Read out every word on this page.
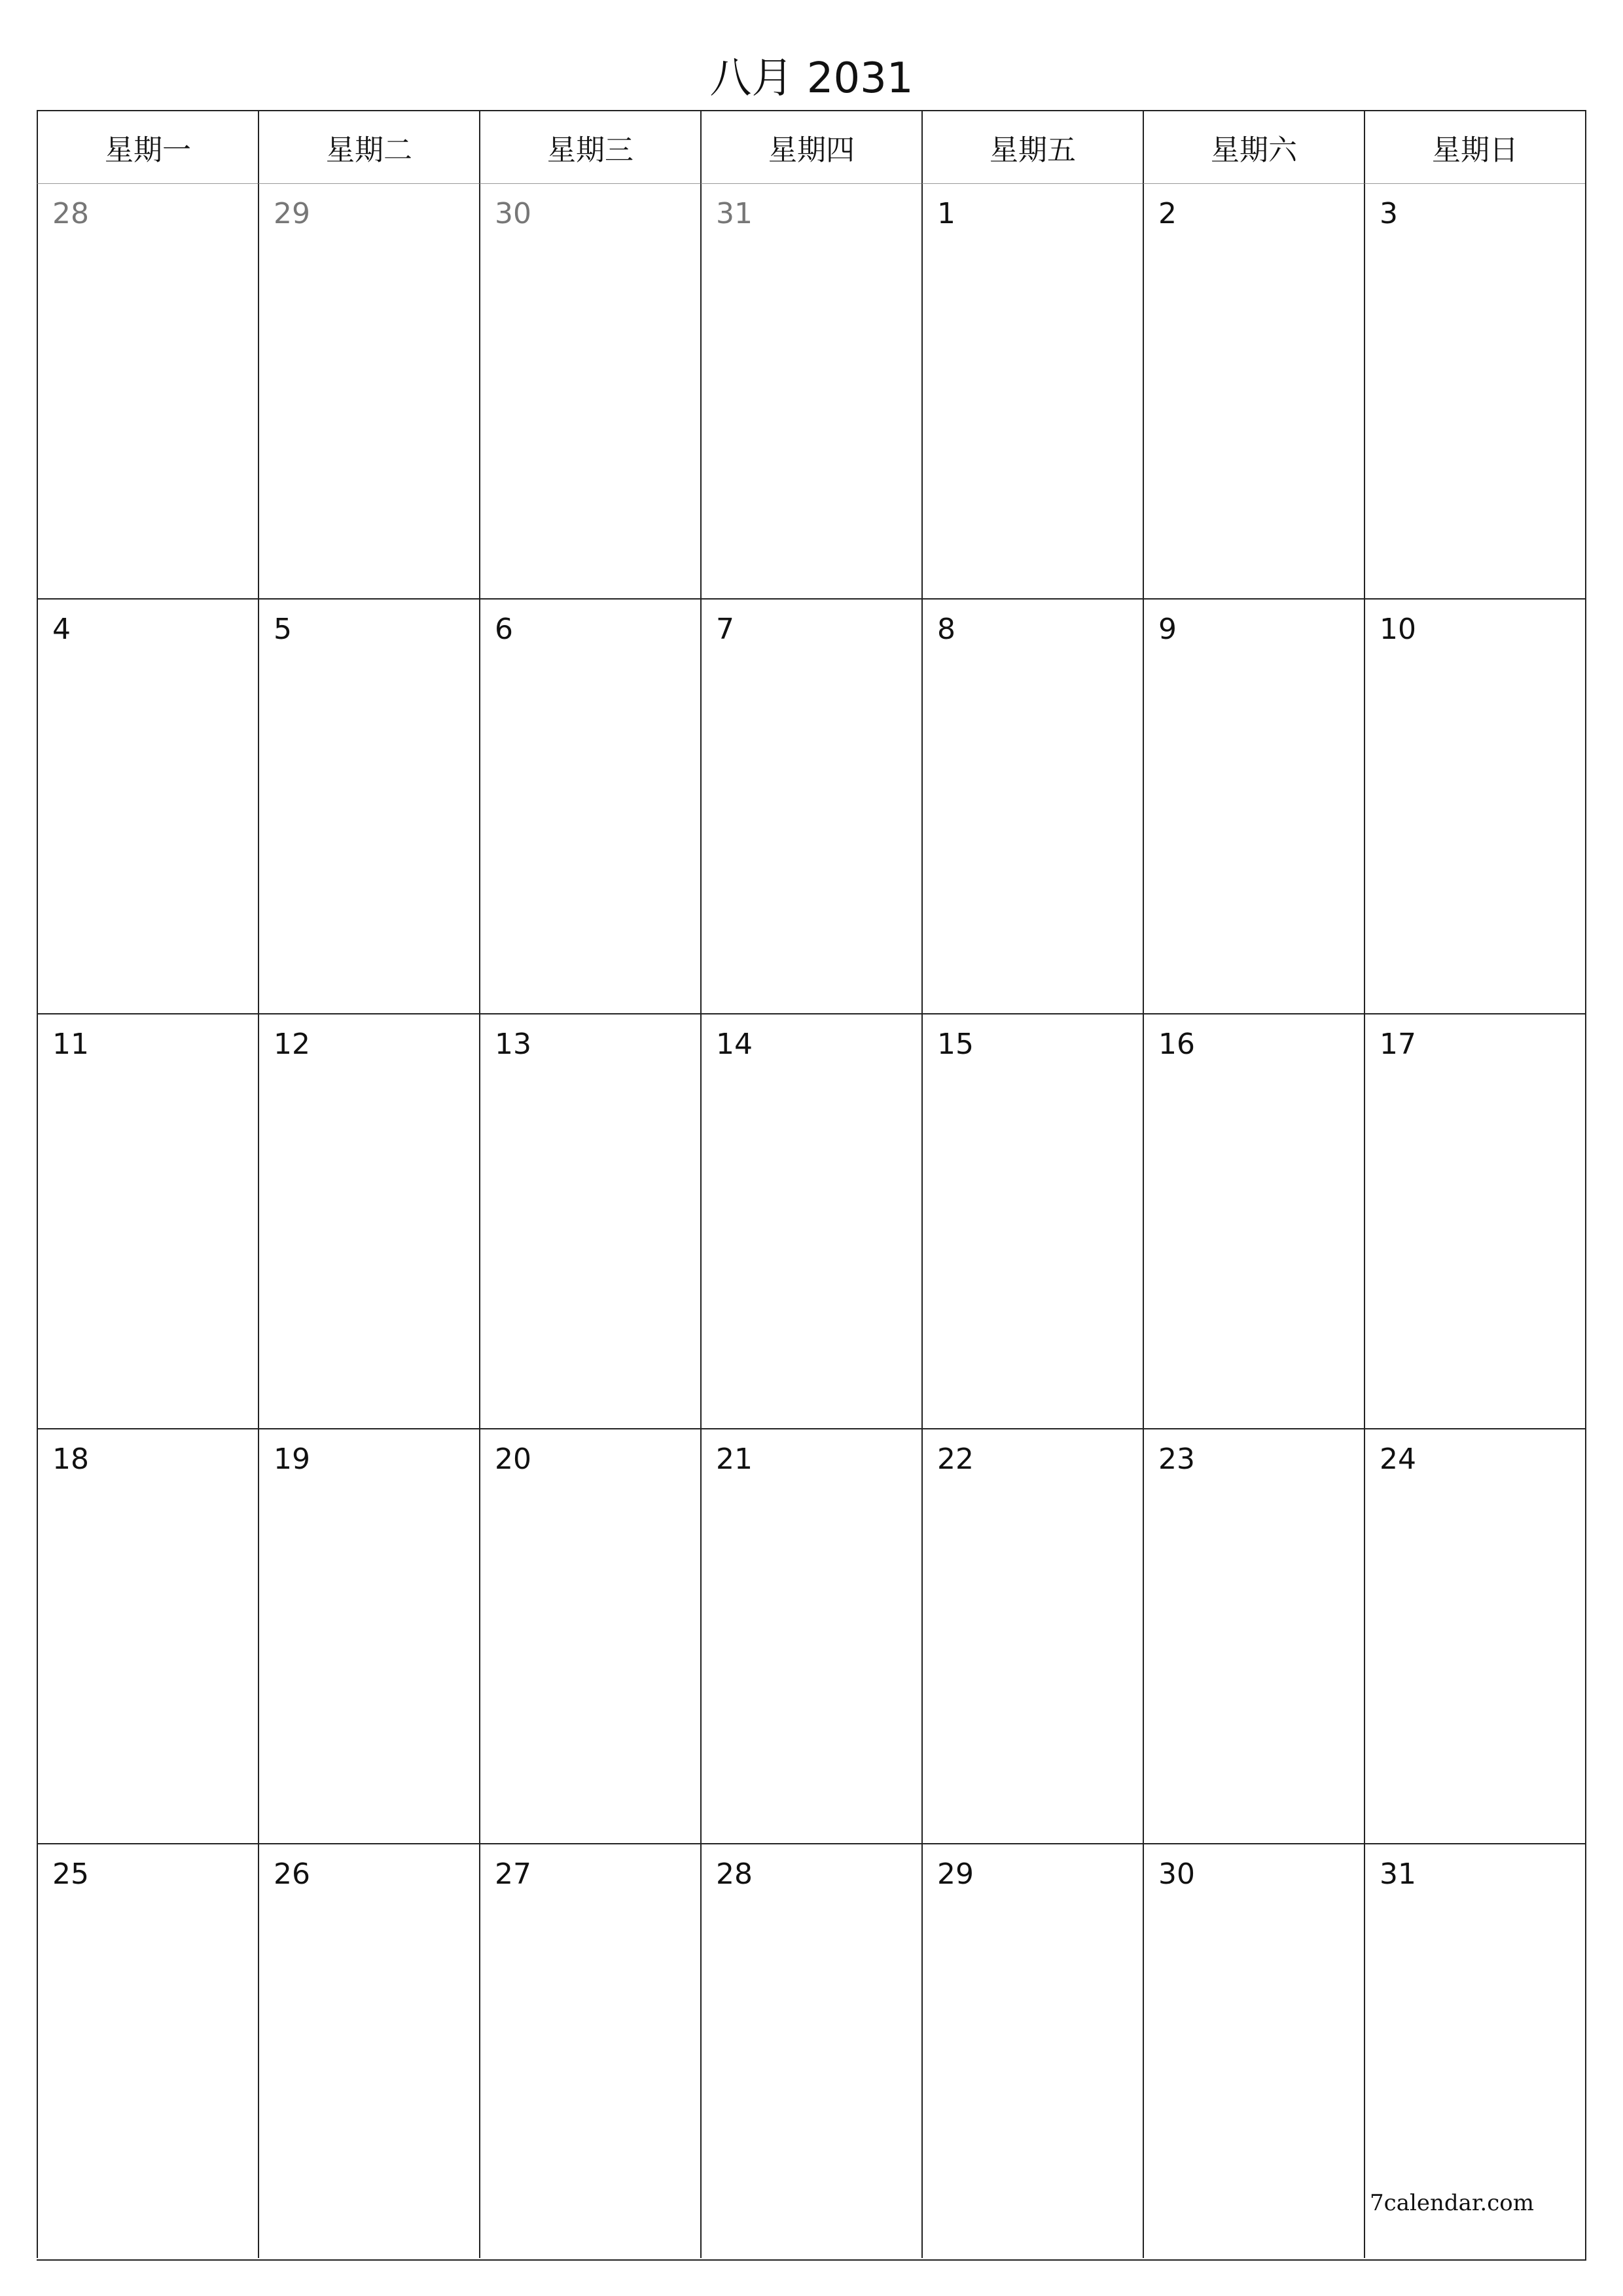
八月 2031
星期一	星期二	星期三	星期四	星期五	星期六	星期日
28	29	30	31	1	2	3
4	5	6	7	8	9	10
11	12	13	14	15	16	17
18	19	20	21	22	23	24
25	26	27	28	29	30	31
7calendar.com
